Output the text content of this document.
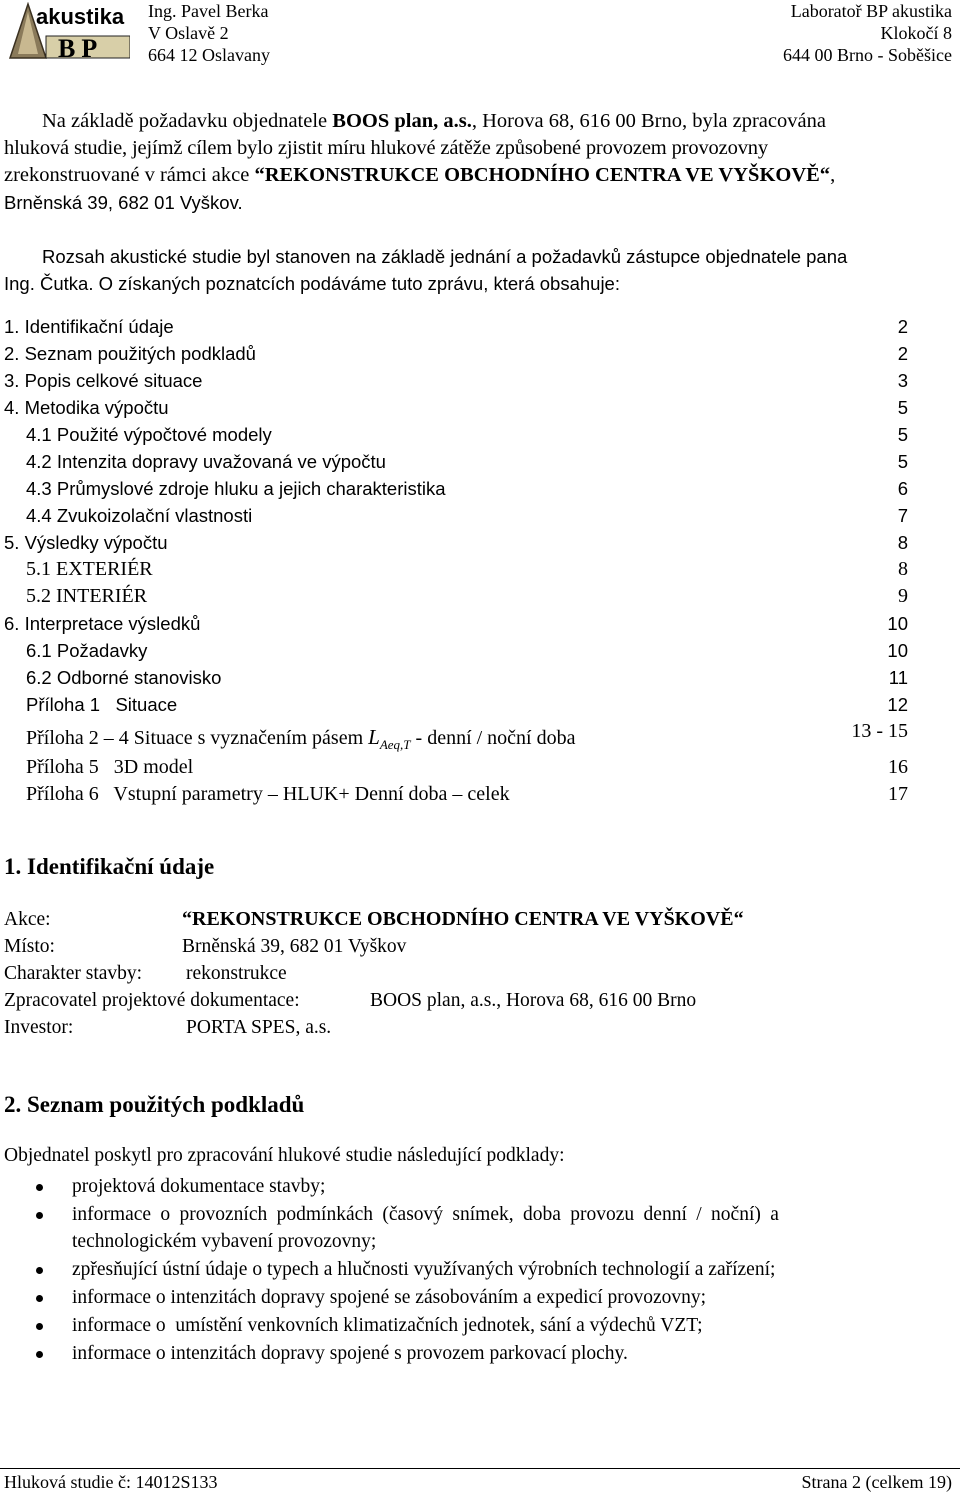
akustika
BP
Ing. Pavel Berka
V Oslavě 2
664 12 Oslavany
Laboratoř BP akustika
Klokočí 8
644 00 Brno - Soběšice
Na základě požadavku objednatele BOOS plan, a.s., Horova 68, 616 00 Brno, byla zpracována
hluková studie, jejímž cílem bylo zjistit míru hlukové zátěže způsobené provozem provozovny
zrekonstruované v rámci akce “REKONSTRUKCE OBCHODNÍHO CENTRA VE VYŠKOVĚ“,
Brněnská 39, 682 01 Vyškov.
Rozsah akustické studie byl stanoven na základě jednání a požadavků zástupce objednatele pana
Ing. Čutka. O získaných poznatcích podáváme tuto zprávu, která obsahuje:
1. Identifikační údaje	2
2. Seznam použitých podkladů	2
3. Popis celkové situace	3
4. Metodika výpočtu	5
4.1 Použité výpočtové modely	5
4.2 Intenzita dopravy uvažovaná ve výpočtu	5
4.3 Průmyslové zdroje hluku a jejich charakteristika	6
4.4 Zvukoizolační vlastnosti	7
5. Výsledky výpočtu	8
5.1 EXTERIÉR	8
5.2 INTERIÉR	9
6. Interpretace výsledků	10
6.1 Požadavky	10
6.2 Odborné stanovisko	11
Příloha 1   Situace	12
Příloha 2 – 4 Situace s vyznačením pásem $L_{Aeq,T}$ - denní / noční doba	13 - 15
Příloha 5   3D model	16
Příloha 6   Vstupní parametry – HLUK+ Denní doba – celek	17
1. Identifikační údaje
Akce:	“REKONSTRUKCE OBCHODNÍHO CENTRA VE VYŠKOVĚ“
Místo:	Brněnská 39, 682 01 Vyškov
Charakter stavby: rekonstrukce
Zpracovatel projektové dokumentace:	BOOS plan, a.s., Horova 68, 616 00 Brno
Investor:	PORTA SPES, a.s.
2. Seznam použitých podkladů
Objednatel poskytl pro zpracování hlukové studie následující podklady:
projektová dokumentace stavby;
informace o provozních podmínkách (časový snímek, doba provozu denní / noční) a
technologickém vybavení provozovny;
zpřesňující ústní údaje o typech a hlučnosti využívaných výrobních technologií a zařízení;
informace o intenzitách dopravy spojené se zásobováním a expedicí provozovny;
informace o  umístění venkovních klimatizačních jednotek, sání a výdechů VZT;
informace o intenzitách dopravy spojené s provozem parkovací plochy.
Hluková studie č: 14012S133	Strana 2 (celkem 19)
